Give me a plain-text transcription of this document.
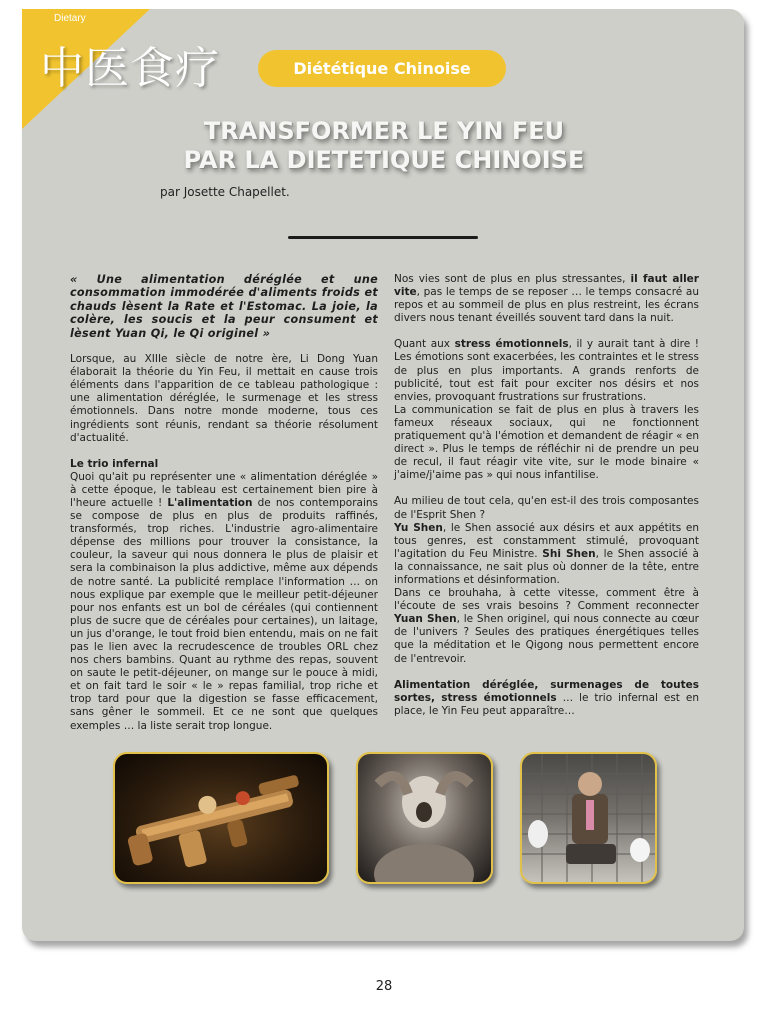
Dietary
中医食疗	Diététique Chinoise
TRANSFORMER LE YIN FEU
PAR LA DIETETIQUE CHINOISE
par Josette Chapellet.

« Une alimentation déréglée et une consommation immodérée d'aliments froids et chauds lèsent la Rate et l'Estomac. La joie, la colère, les soucis et la peur consument et lèsent Yuan Qi, le Qi originel »

Lorsque, au XIIIe siècle de notre ère, Li Dong Yuan élaborait la théorie du Yin Feu, il mettait en cause trois éléments dans l'apparition de ce tableau pathologique : une alimentation déréglée, le surmenage et les stress émotionnels. Dans notre monde moderne, tous ces ingrédients sont réunis, rendant sa théorie résolument d'actualité.

Le trio infernal

Quoi qu'ait pu représenter une « alimentation déréglée » à cette époque, le tableau est certainement bien pire à l'heure actuelle ! L'alimentation de nos contemporains se compose de plus en plus de produits raffinés, transformés, trop riches. L'industrie agro-alimentaire dépense des millions pour trouver la consistance, la couleur, la saveur qui nous donnera le plus de plaisir et sera la combinaison la plus addictive, même aux dépends de notre santé. La publicité remplace l'information … on nous explique par exemple que le meilleur petit-déjeuner pour nos enfants est un bol de céréales (qui contiennent plus de sucre que de céréales pour certaines), un laitage, un jus d'orange, le tout froid bien entendu, mais on ne fait pas le lien avec la recrudescence de troubles ORL chez nos chers bambins. Quant au rythme des repas, souvent on saute le petit-déjeuner, on mange sur le pouce à midi, et on fait tard le soir « le » repas familial, trop riche et trop tard pour que la digestion se fasse efficacement, sans gêner le sommeil. Et ce ne sont que quelques exemples … la liste serait trop longue.

Nos vies sont de plus en plus stressantes, il faut aller vite, pas le temps de se reposer … le temps consacré au repos et au sommeil de plus en plus restreint, les écrans divers nous tenant éveillés souvent tard dans la nuit.

Quant aux stress émotionnels, il y aurait tant à dire ! Les émotions sont exacerbées, les contraintes et le stress de plus en plus importants. A grands renforts de publicité, tout est fait pour exciter nos désirs et nos envies, provoquant frustrations sur frustrations.

La communication se fait de plus en plus à travers les fameux réseaux sociaux, qui ne fonctionnent pratiquement qu'à l'émotion et demandent de réagir « en direct ». Plus le temps de réfléchir ni de prendre un peu de recul, il faut réagir vite vite, sur le mode binaire « j'aime/j'aime pas » qui nous infantilise.

Au milieu de tout cela, qu'en est-il des trois composantes de l'Esprit Shen ?

Yu Shen, le Shen associé aux désirs et aux appétits en tous genres, est constamment stimulé, provoquant l'agitation du Feu Ministre. Shi Shen, le Shen associé à la connaissance, ne sait plus où donner de la tête, entre informations et désinformation.

Dans ce brouhaha, à cette vitesse, comment être à l'écoute de ses vrais besoins ? Comment reconnecter Yuan Shen, le Shen originel, qui nous connecte au cœur de l'univers ? Seules des pratiques énergétiques telles que la méditation et le Qigong nous permettent encore de l'entrevoir.

Alimentation déréglée, surmenages de toutes sortes, stress émotionnels … le trio infernal est en place, le Yin Feu peut apparaître…

28
